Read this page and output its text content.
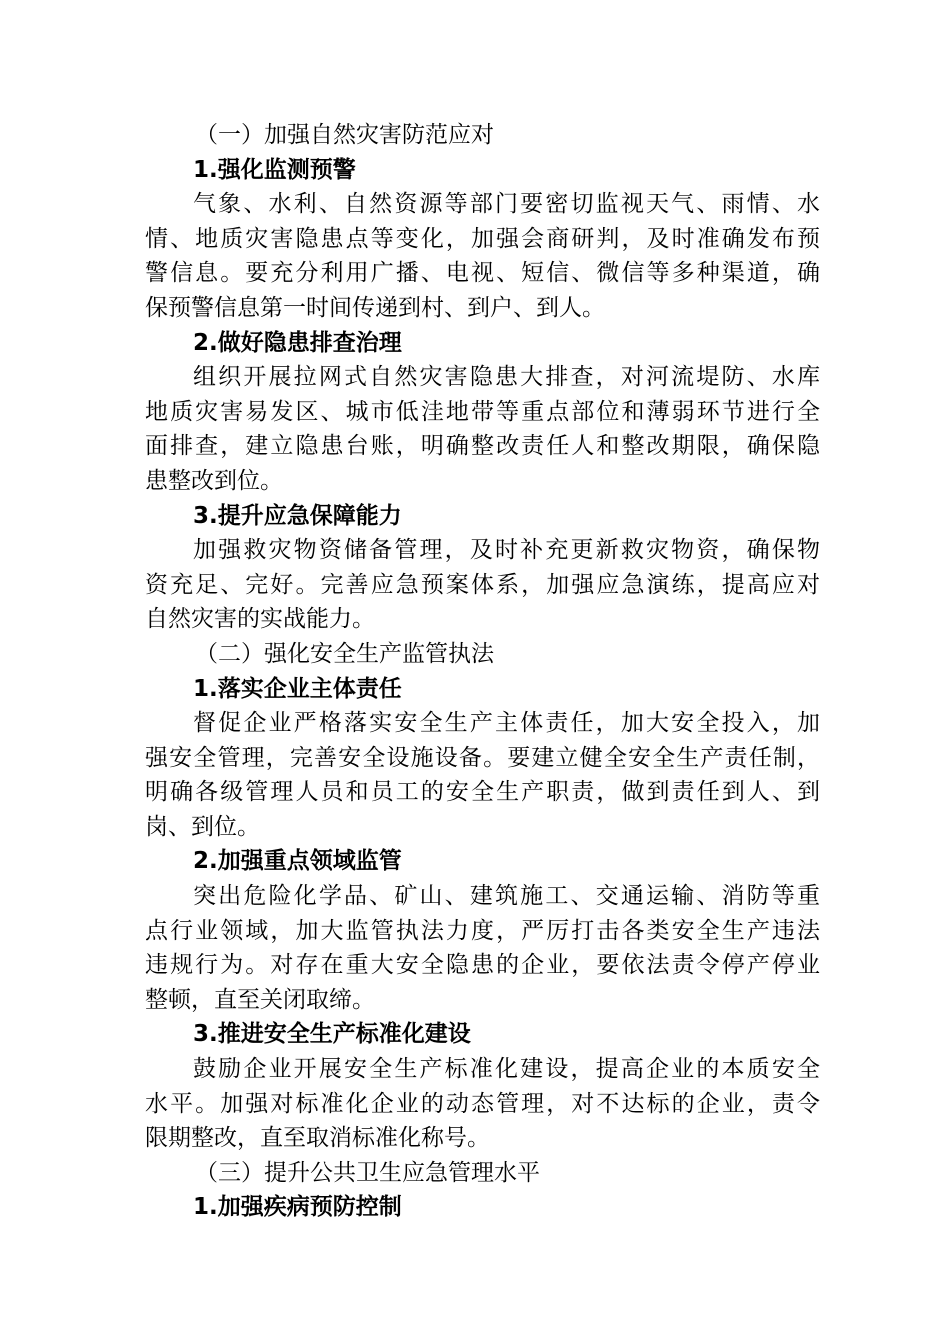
（一）加强自然灾害防范应对
1.强化监测预警
气象、水利、自然资源等部门要密切监视天气、雨情、水
情、地质灾害隐患点等变化，加强会商研判，及时准确发布预
警信息。要充分利用广播、电视、短信、微信等多种渠道，确
保预警信息第一时间传递到村、到户、到人。
2.做好隐患排查治理
组织开展拉网式自然灾害隐患大排查，对河流堤防、水库
地质灾害易发区、城市低洼地带等重点部位和薄弱环节进行全
面排查，建立隐患台账，明确整改责任人和整改期限，确保隐
患整改到位。
3.提升应急保障能力
加强救灾物资储备管理，及时补充更新救灾物资，确保物
资充足、完好。完善应急预案体系，加强应急演练，提高应对
自然灾害的实战能力。
（二）强化安全生产监管执法
1.落实企业主体责任
督促企业严格落实安全生产主体责任，加大安全投入，加
强安全管理，完善安全设施设备。要建立健全安全生产责任制，
明确各级管理人员和员工的安全生产职责，做到责任到人、到
岗、到位。
2.加强重点领域监管
突出危险化学品、矿山、建筑施工、交通运输、消防等重
点行业领域，加大监管执法力度，严厉打击各类安全生产违法
违规行为。对存在重大安全隐患的企业，要依法责令停产停业
整顿，直至关闭取缔。
3.推进安全生产标准化建设
鼓励企业开展安全生产标准化建设，提高企业的本质安全
水平。加强对标准化企业的动态管理，对不达标的企业，责令
限期整改，直至取消标准化称号。
（三）提升公共卫生应急管理水平
1.加强疾病预防控制
